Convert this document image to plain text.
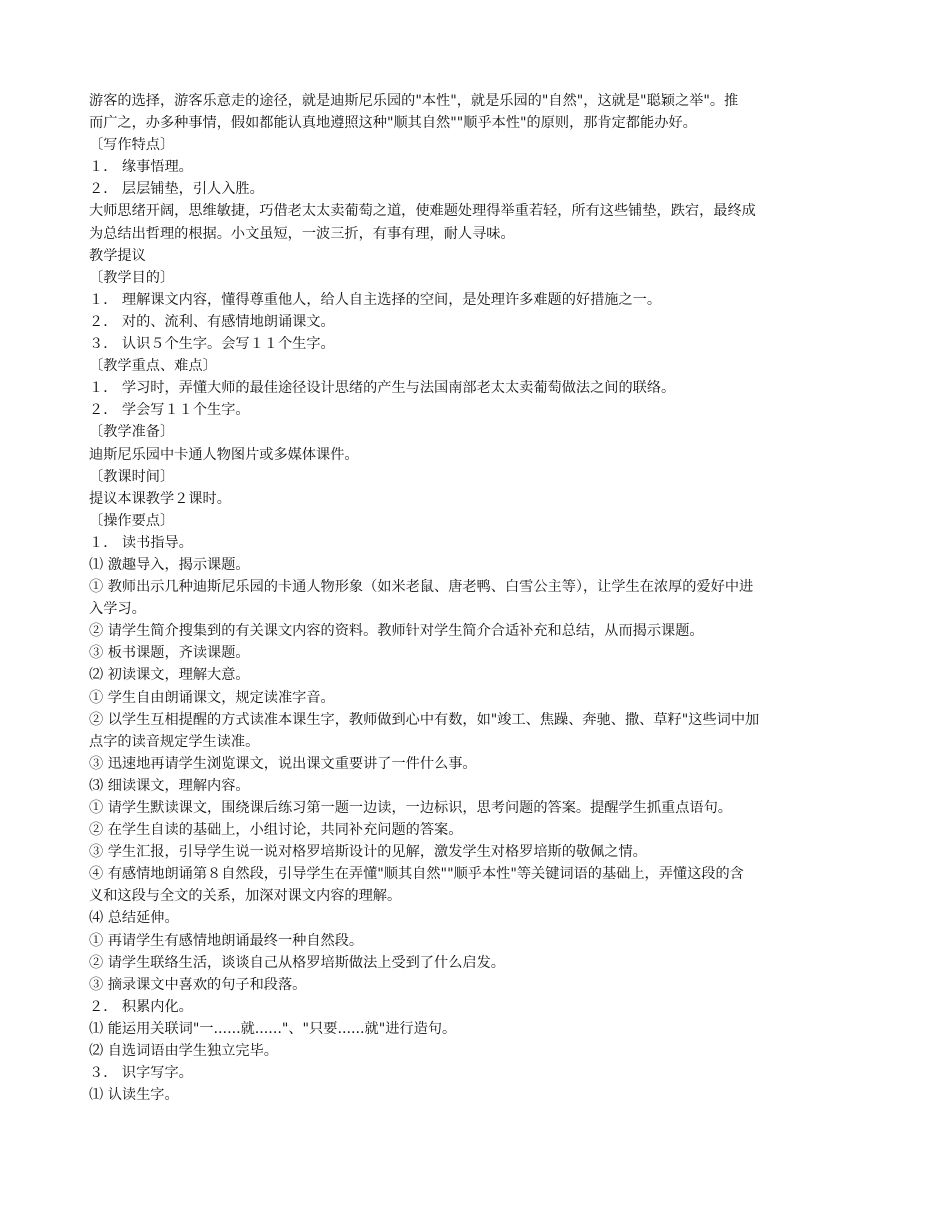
游客的选择，游客乐意走的途径，就是迪斯尼乐园的"本性"，就是乐园的"自然"，这就是"聪颖之举"。推
而广之，办多种事情，假如都能认真地遵照这种"顺其自然""顺乎本性"的原则，那肯定都能办好。
〔写作特点〕
１． 缘事悟理。
２． 层层铺垫，引人入胜。
大师思绪开阔，思维敏捷，巧借老太太卖葡萄之道，使难题处理得举重若轻，所有这些铺垫，跌宕，最终成
为总结出哲理的根据。小文虽短，一波三折，有事有理，耐人寻味。
教学提议
〔教学目的〕
１． 理解课文内容，懂得尊重他人，给人自主选择的空间，是处理许多难题的好措施之一。
２． 对的、流利、有感情地朗诵课文。
３． 认识５个生字。会写１１个生字。
〔教学重点、难点〕
１． 学习时，弄懂大师的最佳途径设计思绪的产生与法国南部老太太卖葡萄做法之间的联络。
２． 学会写１１个生字。
〔教学准备〕
迪斯尼乐园中卡通人物图片或多媒体课件。
〔教课时间〕
提议本课教学２课时。
〔操作要点〕
１． 读书指导。
⑴ 激趣导入，揭示课题。
① 教师出示几种迪斯尼乐园的卡通人物形象（如米老鼠、唐老鸭、白雪公主等），让学生在浓厚的爱好中进
入学习。
② 请学生简介搜集到的有关课文内容的资料。教师针对学生简介合适补充和总结，从而揭示课题。
③ 板书课题，齐读课题。
⑵ 初读课文，理解大意。
① 学生自由朗诵课文，规定读准字音。
② 以学生互相提醒的方式读准本课生字，教师做到心中有数，如"竣工、焦躁、奔驰、撒、草籽"这些词中加
点字的读音规定学生读准。
③ 迅速地再请学生浏览课文，说出课文重要讲了一件什么事。
⑶ 细读课文，理解内容。
① 请学生默读课文，围绕课后练习第一题一边读，一边标识，思考问题的答案。提醒学生抓重点语句。
② 在学生自读的基础上，小组讨论，共同补充问题的答案。
③ 学生汇报，引导学生说一说对格罗培斯设计的见解，激发学生对格罗培斯的敬佩之情。
④ 有感情地朗诵第８自然段，引导学生在弄懂"顺其自然""顺乎本性"等关键词语的基础上，弄懂这段的含
义和这段与全文的关系，加深对课文内容的理解。
⑷ 总结延伸。
① 再请学生有感情地朗诵最终一种自然段。
② 请学生联络生活，谈谈自己从格罗培斯做法上受到了什么启发。
③ 摘录课文中喜欢的句子和段落。
２． 积累内化。
⑴ 能运用关联词"一......就......"、"只要......就"进行造句。
⑵ 自选词语由学生独立完毕。
３． 识字写字。
⑴ 认读生字。
